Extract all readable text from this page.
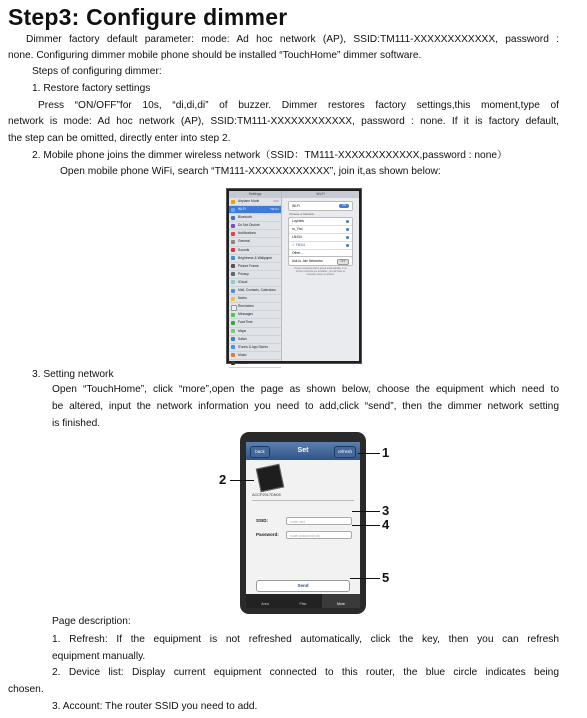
Step3: Configure dimmer
Dimmer factory default parameter: mode: Ad hoc network (AP), SSID:TM111-XXXXXXXXXXXX, password :
none. Configuring dimmer mobile phone should be installed “TouchHome” dimmer software.
Steps of configuring dimmer:
1. Restore factory settings
Press “ON/OFF”for 10s, “di,di,di” of buzzer. Dimmer restores factory settings,this moment,type of
network is mode: Ad hoc network (AP), SSID:TM111-XXXXXXXXXXXX, password : none. If it is factory default,
the step can be omitted, directly enter into step 2.
2. Mobile phone joins the dimmer wireless network（SSID：TM111-XXXXXXXXXXXX,password : none）
Open mobile phone WiFi, search “TM111-XXXXXXXXXXXX”, join it,as shown below:
Settings
Airplane Mode	OFF
Wi-Fi	TM111
Bluetooth
Do Not Disturb
Notifications
General
Sounds
Brightness & Wallpaper
Picture Frame
Privacy
iCloud
Mail, Contacts, Calendars
Notes
Reminders
Messages
FaceTime
Maps
Safari
iTunes & App Stores
Music
Videos
Wi-Fi
Wi-Fi	ON
Choose a Network...
LuyNew
m_Yhd
LN434
✓ TM111
Other...
Ask to Join Networks	OFF
Known networks will be joined automatically. If no known networks are available, you will have to manually select a network.
3. Setting network
Open “TouchHome”, click “more”,open the page as shown below, choose the equipment which need to
be altered, input the network information you need to add,click “send”, then the dimmer network setting
is finished.
Set
back	refresh
ACCP2017DN05
SSID:	router ssid
Password:	router password(null)
Send
Area	Plan	More
1
2
3
4
5
Page description:
1. Refresh: If the equipment is not refreshed automatically, click the key, then you can refresh
equipment manually.
2. Device list: Display current equipment connected to this router, the blue circle indicates being
chosen.
3. Account: The router SSID you need to add.
